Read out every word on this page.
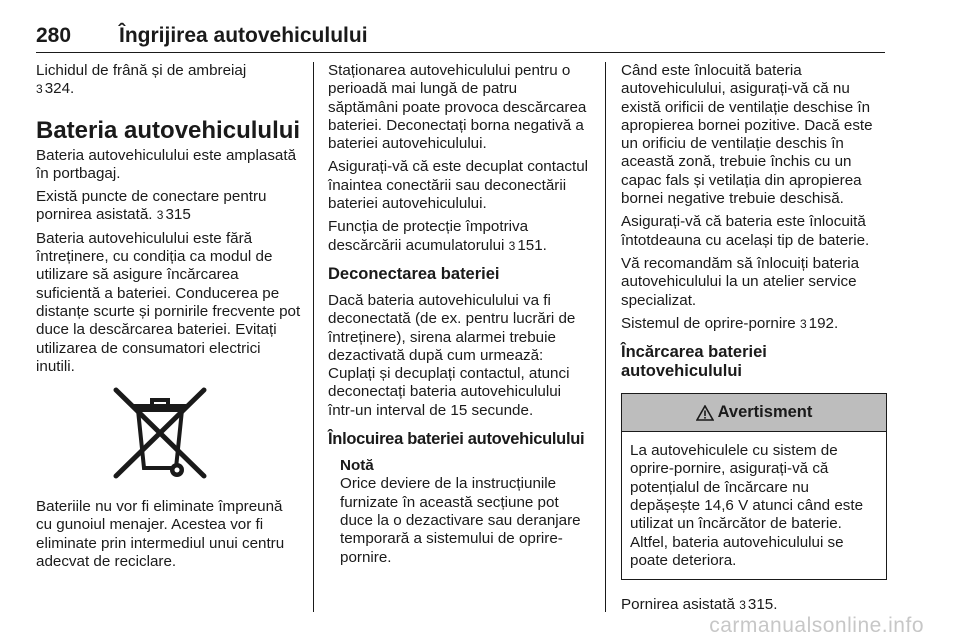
280 Îngrijirea autovehiculului

Lichidul de frână și de ambreiaj
3 324.

Bateria autovehiculului

Bateria autovehiculului este amplasată în portbagaj.

Există puncte de conectare pentru pornirea asistată. 3 315

Bateria autovehiculului este fără întreținere, cu condiția ca modul de utilizare să asigure încărcarea suficientă a bateriei. Conducerea pe distanțe scurte și pornirile frecvente pot duce la descărcarea bateriei. Evitați utilizarea de consumatori electrici inutili.

Bateriile nu vor fi eliminate împreună cu gunoiul menajer. Acestea vor fi eliminate prin intermediul unui centru adecvat de reciclare.

Staționarea autovehiculului pentru o perioadă mai lungă de patru săptămâni poate provoca descărcarea bateriei. Deconectați borna negativă a bateriei autovehiculului.

Asigurați-vă că este decuplat contactul înaintea conectării sau deconectării bateriei autovehiculului.

Funcția de protecție împotriva descărcării acumulatorului 3 151.

Deconectarea bateriei

Dacă bateria autovehiculului va fi deconectată (de ex. pentru lucrări de întreținere), sirena alarmei trebuie dezactivată după cum urmează: Cuplați și decuplați contactul, atunci deconectați bateria autovehiculului într-un interval de 15 secunde.

Înlocuirea bateriei autovehiculului

Notă

Orice deviere de la instrucțiunile furnizate în această secțiune pot duce la o dezactivare sau deranjare temporară a sistemului de oprire-pornire.

Când este înlocuită bateria autovehiculului, asigurați-vă că nu există orificii de ventilație deschise în apropierea bornei pozitive. Dacă este un orificiu de ventilație deschis în această zonă, trebuie închis cu un capac fals și vetilația din apropierea bornei negative trebuie deschisă.

Asigurați-vă că bateria este înlocuită întotdeauna cu același tip de baterie.

Vă recomandăm să înlocuiți bateria autovehiculului la un atelier service specializat.

Sistemul de oprire-pornire 3 192.

Încărcarea bateriei autovehiculului
Avertisment
La autovehiculele cu sistem de oprire-pornire, asigurați-vă că potențialul de încărcare nu depășește 14,6 V atunci când este utilizat un încărcător de baterie. Altfel, bateria autovehiculului se poate deteriora.

Pornirea asistată 3 315.

carmanualsonline.info
